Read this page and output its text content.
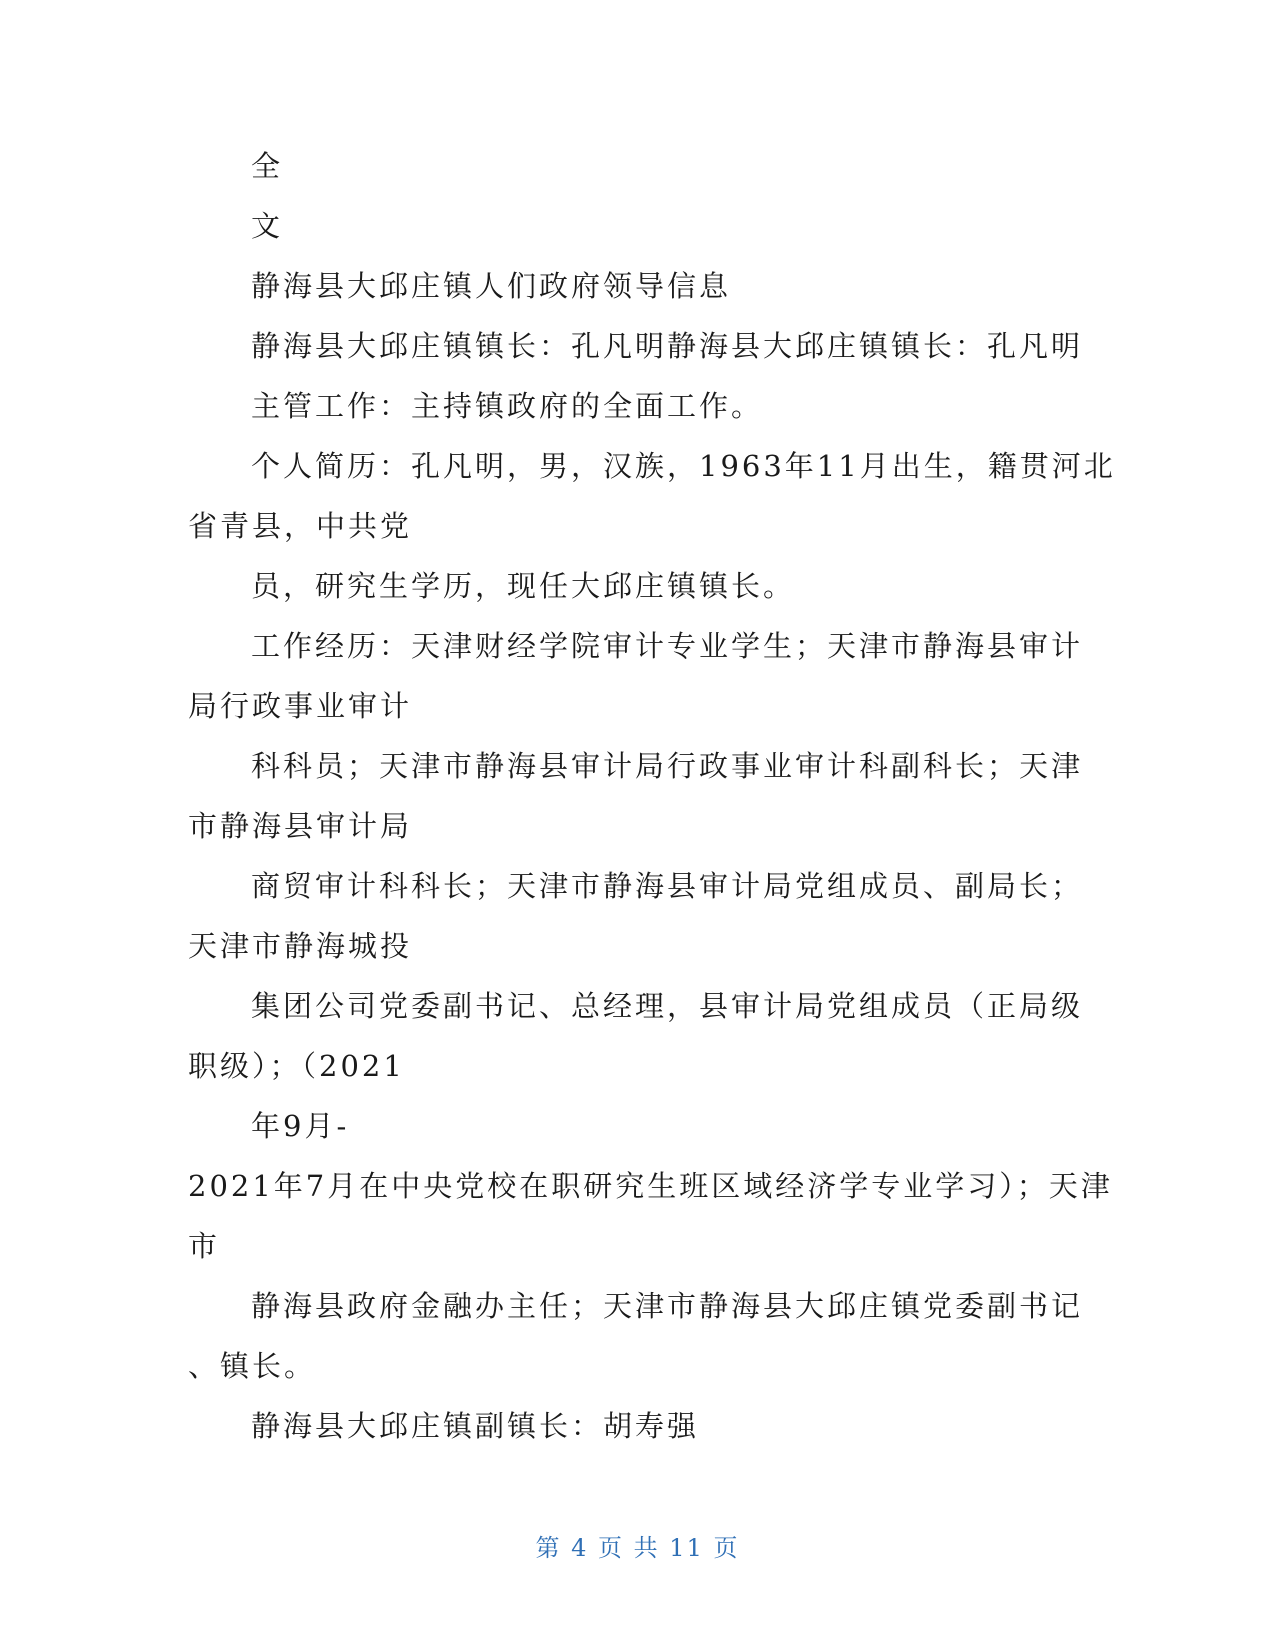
全
文
静海县大邱庄镇人们政府领导信息
静海县大邱庄镇镇长：孔凡明静海县大邱庄镇镇长：孔凡明
主管工作：主持镇政府的全面工作。
个人简历：孔凡明，男，汉族，1963年11月出生，籍贯河北
省青县，中共党
员，研究生学历，现任大邱庄镇镇长。
工作经历：天津财经学院审计专业学生；天津市静海县审计
局行政事业审计
科科员；天津市静海县审计局行政事业审计科副科长；天津
市静海县审计局
商贸审计科科长；天津市静海县审计局党组成员、副局长；
天津市静海城投
集团公司党委副书记、总经理，县审计局党组成员（正局级
职级）；（2021
年9月-
2021年7月在中央党校在职研究生班区域经济学专业学习）；天津
市
静海县政府金融办主任；天津市静海县大邱庄镇党委副书记
、镇长。
静海县大邱庄镇副镇长：胡寿强
第 4 页 共 11 页
